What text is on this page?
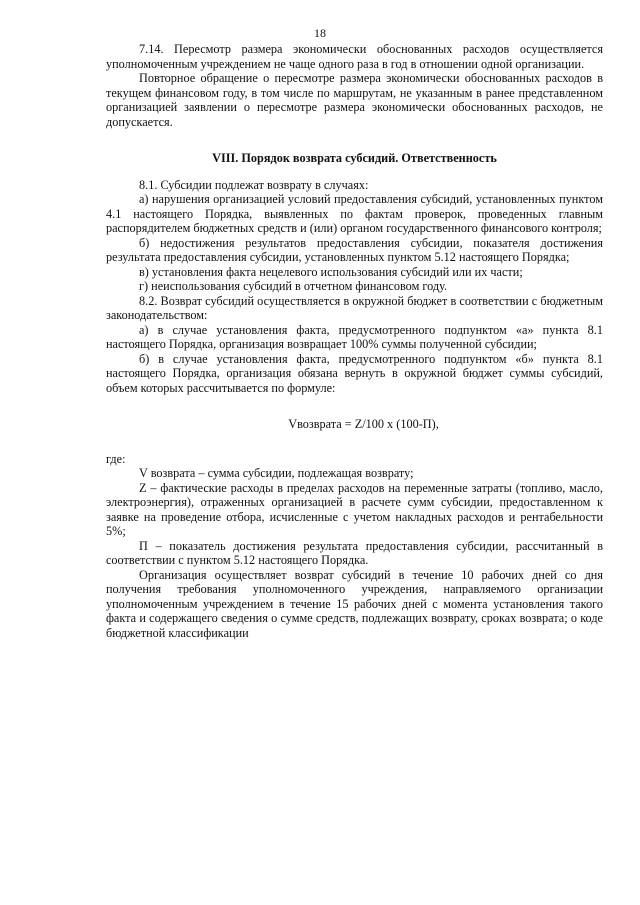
18

7.14. Пересмотр размера экономически обоснованных расходов осуществляется уполномоченным учреждением не чаще одного раза в год в отношении одной организации.

Повторное обращение о пересмотре размера экономически обоснованных расходов в текущем финансовом году, в том числе по маршрутам, не указанным в ранее представленном организацией заявлении о пересмотре размера экономически обоснованных расходов, не допускается.

VIII. Порядок возврата субсидий. Ответственность

8.1. Субсидии подлежат возврату в случаях:

а) нарушения организацией условий предоставления субсидий, установленных пунктом 4.1 настоящего Порядка, выявленных по фактам проверок, проведенных главным распорядителем бюджетных средств и (или) органом государственного финансового контроля;

б) недостижения результатов предоставления субсидии, показателя достижения результата предоставления субсидии, установленных пунктом 5.12 настоящего Порядка;

в) установления факта нецелевого использования субсидий или их части;

г) неиспользования субсидий в отчетном финансовом году.

8.2. Возврат субсидий осуществляется в окружной бюджет в соответствии с бюджетным законодательством:

а) в случае установления факта, предусмотренного подпунктом «а» пункта 8.1 настоящего Порядка, организация возвращает 100% суммы полученной субсидии;

б) в случае установления факта, предусмотренного подпунктом «б» пункта 8.1 настоящего Порядка, организация обязана вернуть в окружной бюджет суммы субсидий, объем которых рассчитывается по формуле:

Vвозврата = Z/100 x (100-П),

где:

V возврата – сумма субсидии, подлежащая возврату;

Z – фактические расходы в пределах расходов на переменные затраты (топливо, масло, электроэнергия), отраженных организацией в расчете сумм субсидии, предоставленном к заявке на проведение отбора, исчисленные с учетом накладных расходов и рентабельности 5%;

П – показатель достижения результата предоставления субсидии, рассчитанный в соответствии с пунктом 5.12 настоящего Порядка.

Организация осуществляет возврат субсидий в течение 10 рабочих дней со дня получения требования уполномоченного учреждения, направляемого организации уполномоченным учреждением в течение 15 рабочих дней с момента установления такого факта и содержащего сведения о сумме средств, подлежащих возврату, сроках возврата; о коде бюджетной классификации
